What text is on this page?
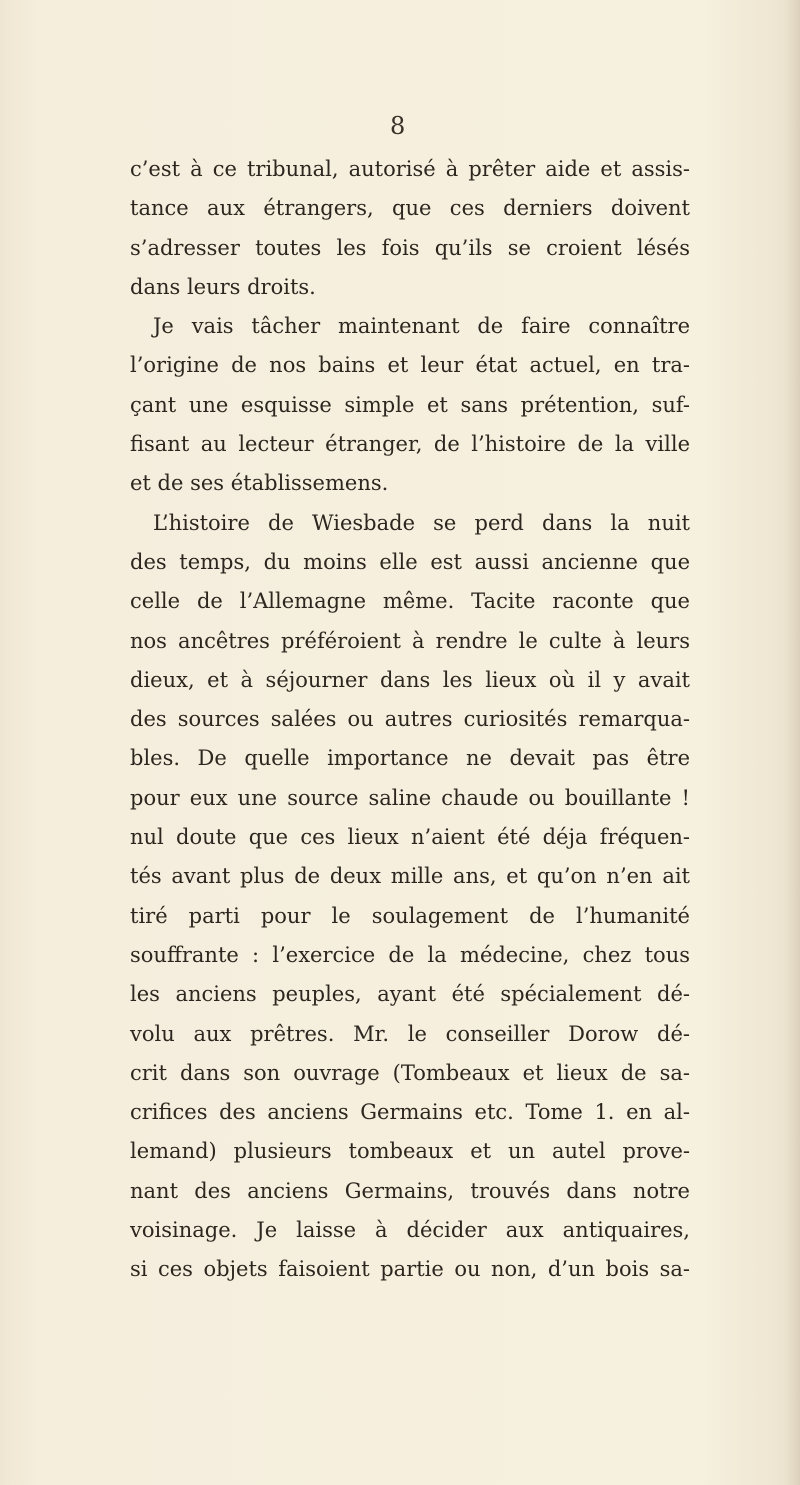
8
c’est à ce tribunal, autorisé à prêter aide et assis-
tance aux étrangers, que ces derniers doivent
s’adresser toutes les fois qu’ils se croient lésés
dans leurs droits.
Je vais tâcher maintenant de faire connaître
l’origine de nos bains et leur état actuel, en tra-
çant une esquisse simple et sans prétention, suf-
fisant au lecteur étranger, de l’histoire de la ville
et de ses établissemens.
L’histoire de Wiesbade se perd dans la nuit
des temps, du moins elle est aussi ancienne que
celle de l’Allemagne même. Tacite raconte que
nos ancêtres préféroient à rendre le culte à leurs
dieux, et à séjourner dans les lieux où il y avait
des sources salées ou autres curiosités remarqua-
bles. De quelle importance ne devait pas être
pour eux une source saline chaude ou bouillante !
nul doute que ces lieux n’aient été déja fréquen-
tés avant plus de deux mille ans, et qu’on n’en ait
tiré parti pour le soulagement de l’humanité
souffrante : l’exercice de la médecine, chez tous
les anciens peuples, ayant été spécialement dé-
volu aux prêtres. Mr. le conseiller Dorow dé-
crit dans son ouvrage (Tombeaux et lieux de sa-
crifices des anciens Germains etc. Tome 1. en al-
lemand) plusieurs tombeaux et un autel prove-
nant des anciens Germains, trouvés dans notre
voisinage. Je laisse à décider aux antiquaires,
si ces objets faisoient partie ou non, d’un bois sa-
